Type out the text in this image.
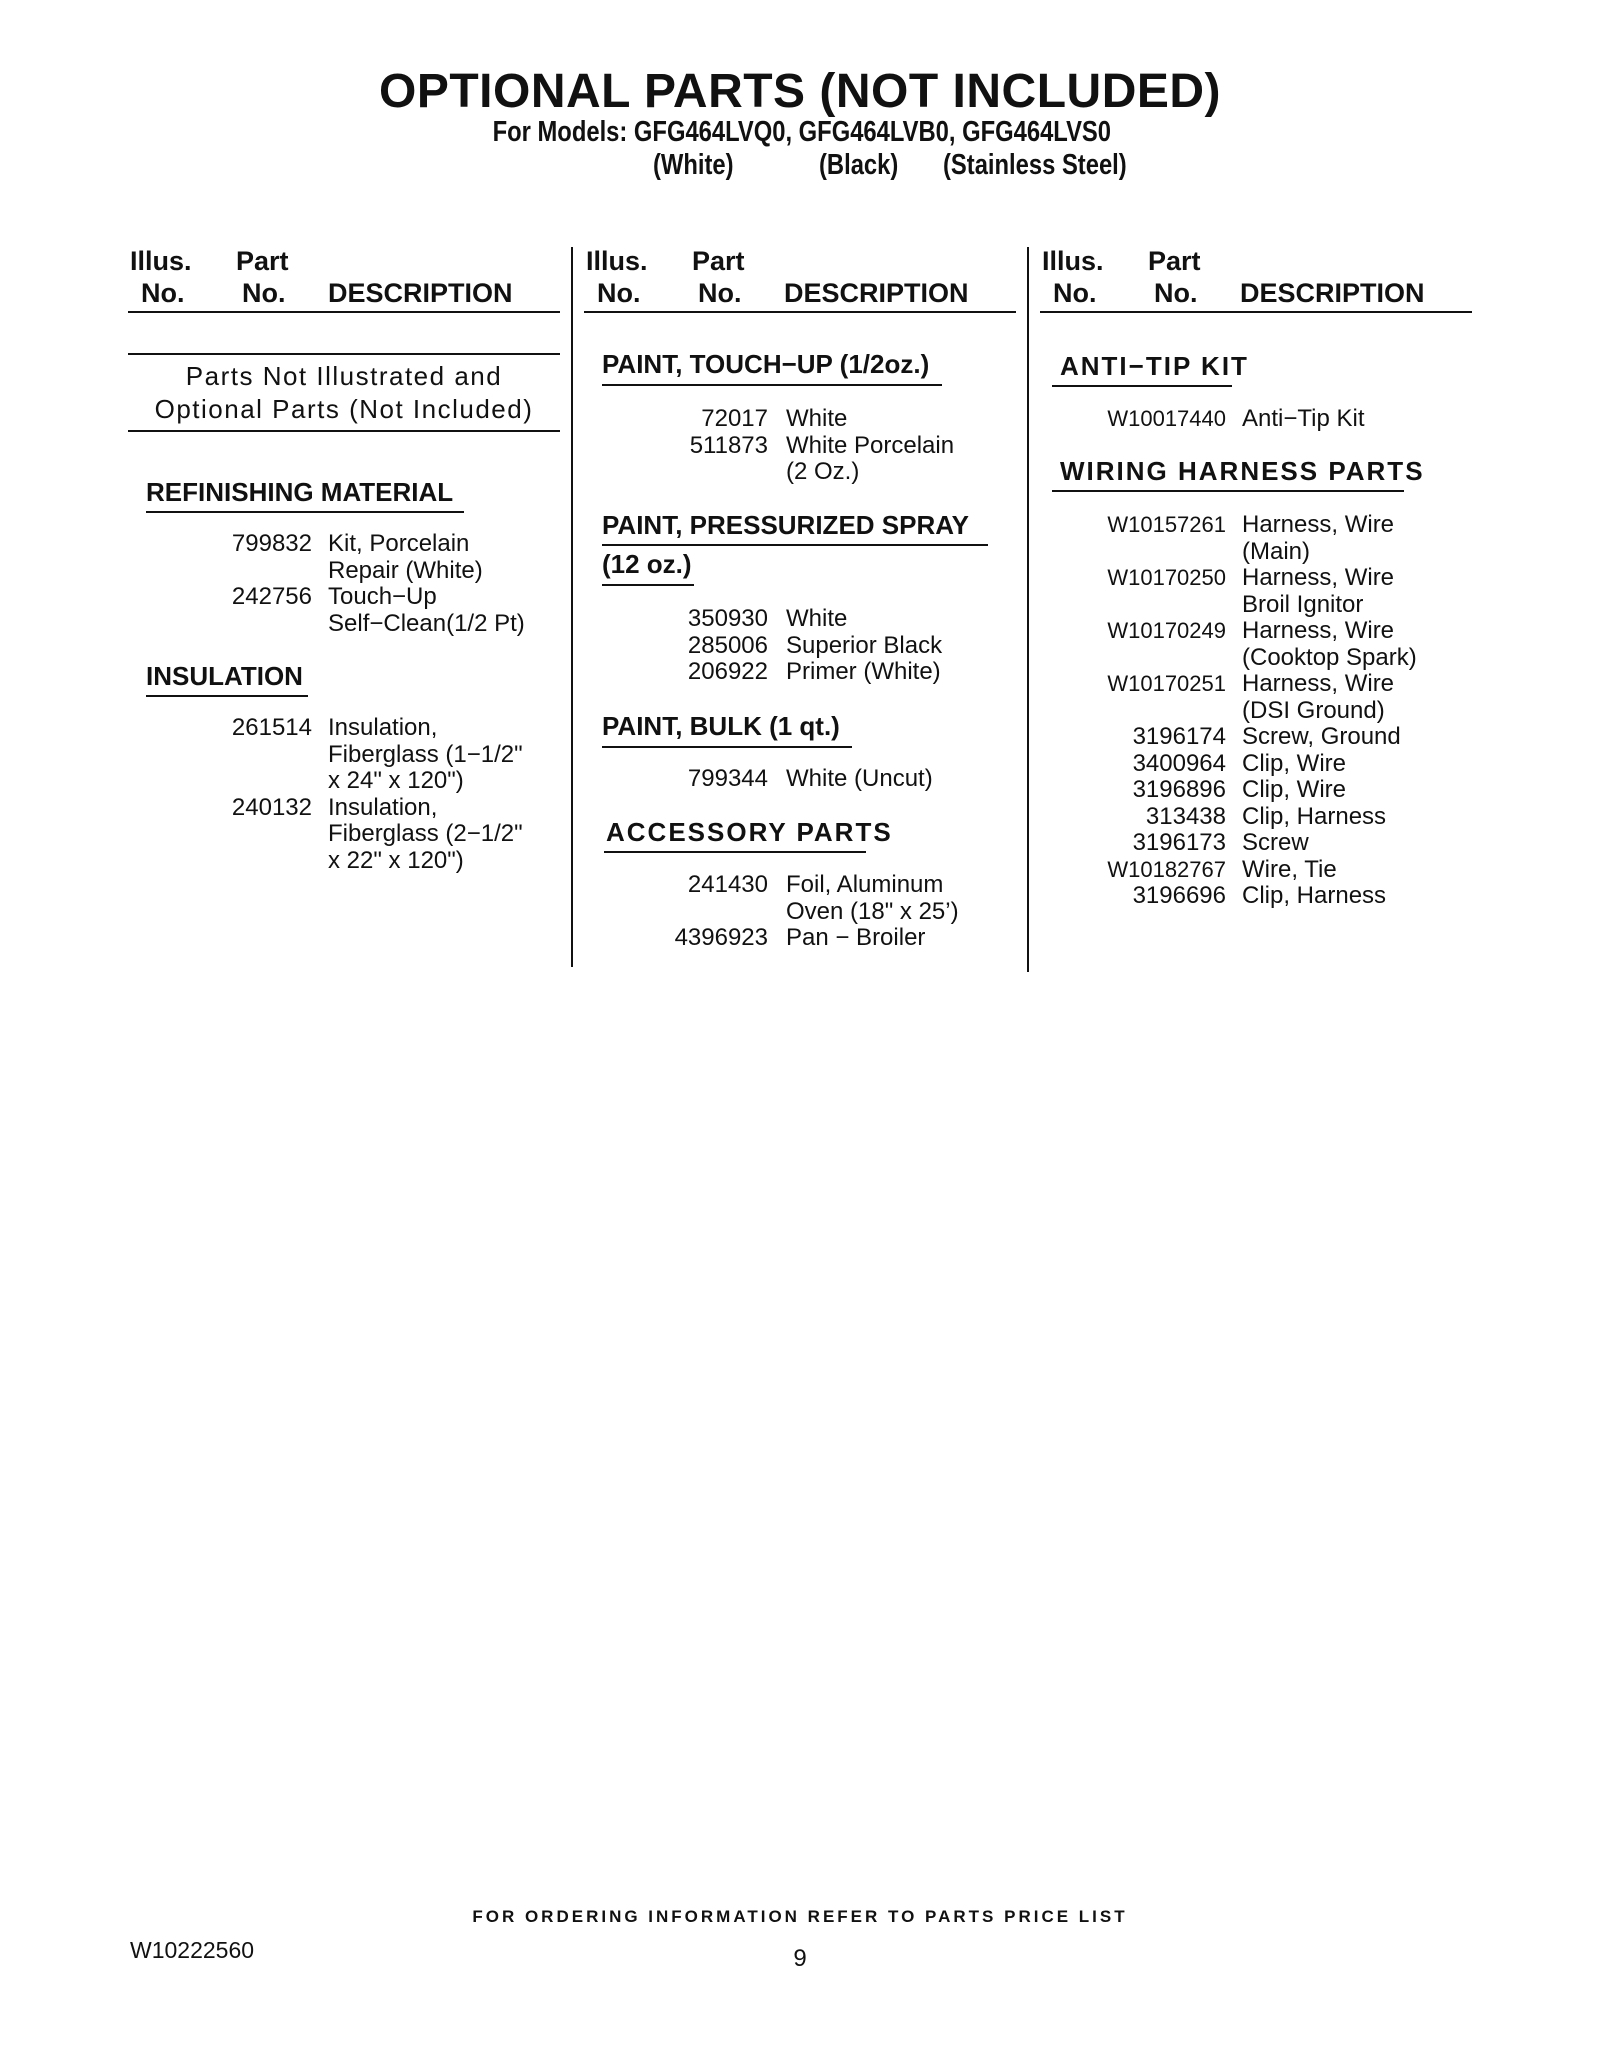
OPTIONAL PARTS (NOT INCLUDED)
For Models: GFG464LVQ0, GFG464LVB0, GFG464LVS0
(White)	(Black) (Stainless Steel)
Illus. Part
No. No. DESCRIPTION
Illus. Part
No. No. DESCRIPTION
Illus. Part
No. No. DESCRIPTION
Parts Not Illustrated and
Optional Parts (Not Included)
REFINISHING MATERIAL
799832 Kit, Porcelain
Repair (White)
242756 Touch−Up
Self−Clean(1/2 Pt)
INSULATION
261514 Insulation,
Fiberglass (1−1/2"
x 24" x 120")
240132 Insulation,
Fiberglass (2−1/2"
x 22" x 120")
PAINT, TOUCH−UP (1/2oz.)
72017 White
511873 White Porcelain
(2 Oz.)
PAINT, PRESSURIZED SPRAY
(12 oz.)
350930 White
285006 Superior Black
206922 Primer (White)
PAINT, BULK (1 qt.)
799344 White (Uncut)
ACCESSORY PARTS
241430 Foil, Aluminum
Oven (18" x 25’)
4396923 Pan − Broiler
ANTI−TIP KIT
W10017440 Anti−Tip Kit
WIRING HARNESS PARTS
W10157261 Harness, Wire
(Main)
W10170250 Harness, Wire
Broil Ignitor
W10170249 Harness, Wire
(Cooktop Spark)
W10170251 Harness, Wire
(DSI Ground)
3196174 Screw, Ground
3400964 Clip, Wire
3196896 Clip, Wire
313438 Clip, Harness
3196173 Screw
W10182767 Wire, Tie
3196696 Clip, Harness
FOR ORDERING INFORMATION REFER TO PARTS PRICE LIST
W10222560	9
